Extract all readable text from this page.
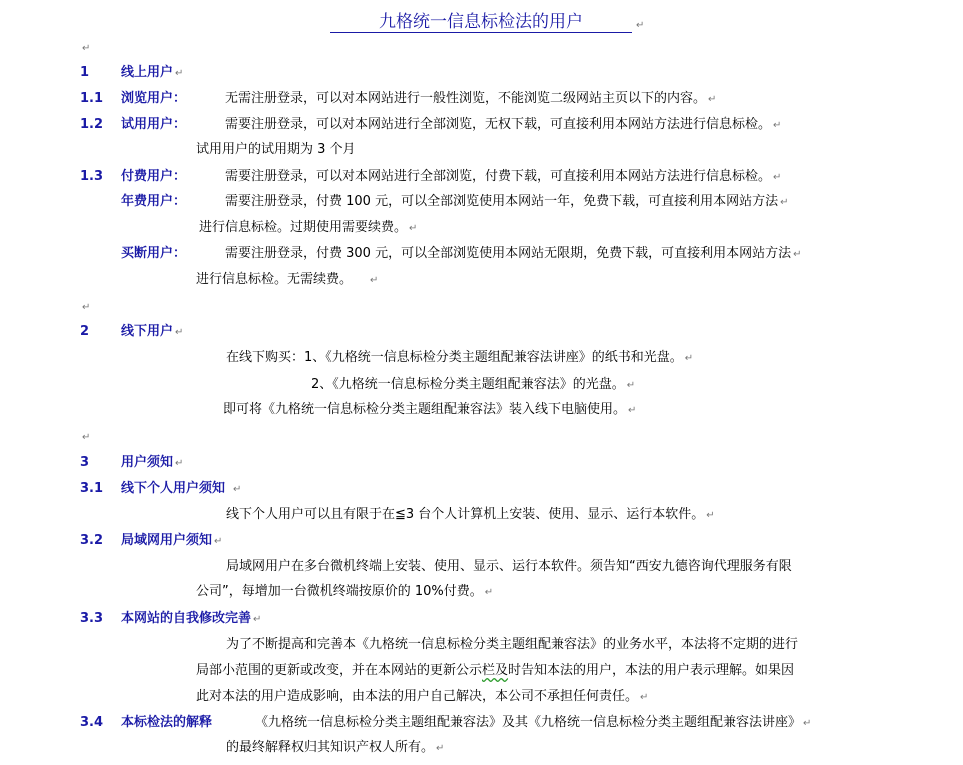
九格统一信息标检法的用户	↵
↵
1 线上用户 ↵
1.1 浏览用户：	无需注册登录，可以对本网站进行一般性浏览，不能浏览二级网站主页以下的内容。 ↵
1.2 试用用户：	需要注册登录，可以对本网站进行全部浏览，无权下载，可直接利用本网站方法进行信息标检。 ↵
试用用户的试用期为 3 个月
1.3 付费用户：	需要注册登录，可以对本网站进行全部浏览，付费下载，可直接利用本网站方法进行信息标检。 ↵
年费用户：	需要注册登录，付费 100 元，可以全部浏览使用本网站一年，免费下载，可直接利用本网站方法 ↵
进行信息标检。过期使用需要续费。 ↵
买断用户：	需要注册登录，付费 300 元，可以全部浏览使用本网站无限期，免费下载，可直接利用本网站方法 ↵
进行信息标检。无需续费。 ↵
↵
2 线下用户 ↵
在线下购买：1、《九格统一信息标检分类主题组配兼容法讲座》的纸书和光盘。 ↵
2、《九格统一信息标检分类主题组配兼容法》的光盘。 ↵
即可将《九格统一信息标检分类主题组配兼容法》装入线下电脑使用。 ↵
↵
3 用户须知 ↵
3.1 线下个人用户须知 ↵
线下个人用户可以且有限于在≦3 台个人计算机上安装、使用、显示、运行本软件。 ↵
3.2 局域网用户须知 ↵
局域网用户在多台微机终端上安装、使用、显示、运行本软件。须告知“西安九德咨询代理服务有限
公司”，每增加一台微机终端按原价的 10%付费。 ↵
3.3 本网站的自我修改完善 ↵
为了不断提高和完善本《九格统一信息标检分类主题组配兼容法》的业务水平，本法将不定期的进行
局部小范围的更新或改变，并在本网站的更新公示栏及时告知本法的用户，本法的用户表示理解。如果因
此对本法的用户造成影响，由本法的用户自己解决，本公司不承担任何责任。 ↵
3.4 本标检法的解释	《九格统一信息标检分类主题组配兼容法》及其《九格统一信息标检分类主题组配兼容法讲座》 ↵
的最终解释权归其知识产权人所有。 ↵
